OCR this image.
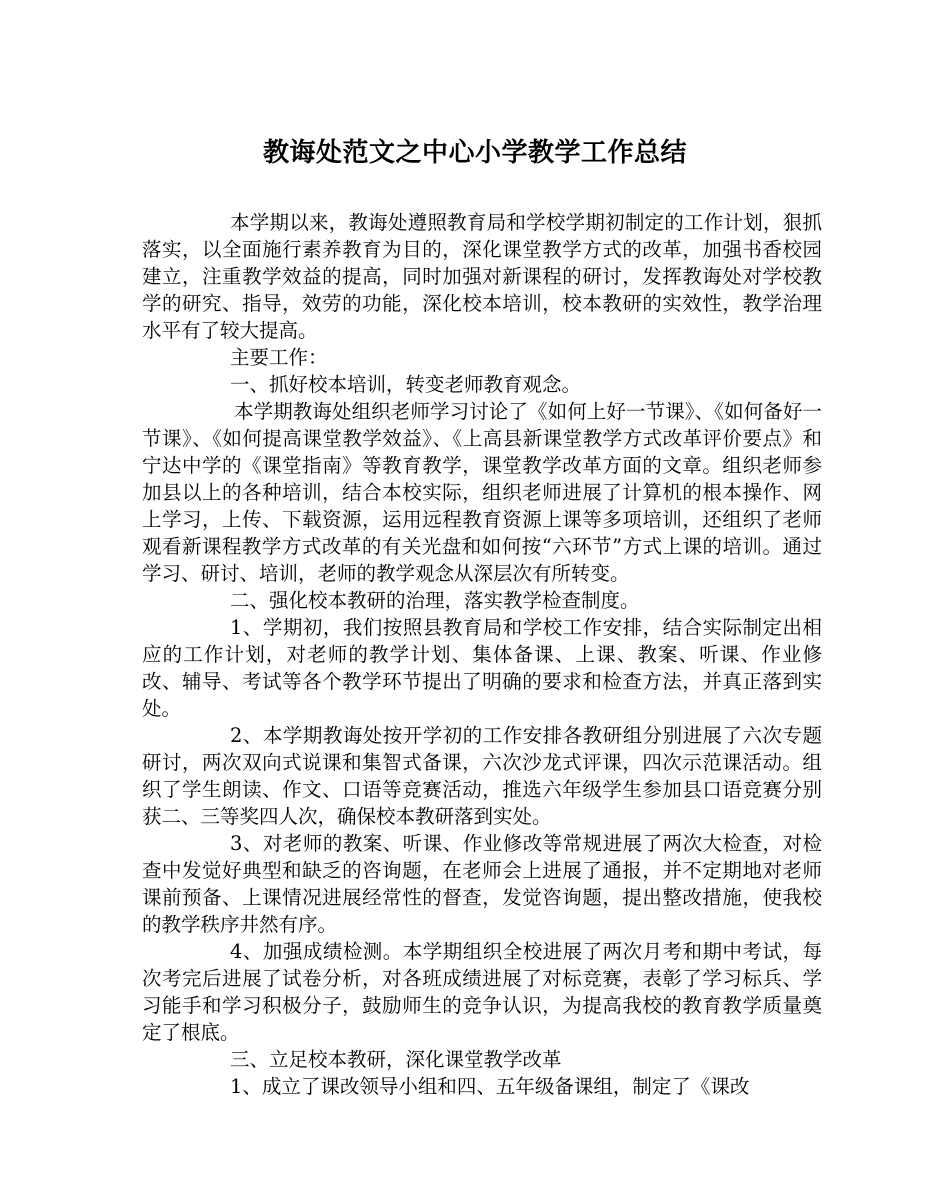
教诲处范文之中心小学教学工作总结

本学期以来，教诲处遵照教育局和学校学期初制定的工作计划，狠抓落实，以全面施行素养教育为目的，深化课堂教学方式的改革，加强书香校园建立，注重教学效益的提高，同时加强对新课程的研讨，发挥教诲处对学校教学的研究、指导，效劳的功能，深化校本培训，校本教研的实效性，教学治理水平有了较大提高。

主要工作：

一、抓好校本培训，转变老师教育观念。

本学期教诲处组织老师学习讨论了《如何上好一节课》、《如何备好一节课》、《如何提高课堂教学效益》、《上高县新课堂教学方式改革评价要点》和宁达中学的《课堂指南》等教育教学，课堂教学改革方面的文章。组织老师参加县以上的各种培训，结合本校实际，组织老师进展了计算机的根本操作、网上学习，上传、下载资源，运用远程教育资源上课等多项培训，还组织了老师观看新课程教学方式改革的有关光盘和如何按“六环节”方式上课的培训。通过学习、研讨、培训，老师的教学观念从深层次有所转变。

二、强化校本教研的治理，落实教学检查制度。

1、学期初，我们按照县教育局和学校工作安排，结合实际制定出相应的工作计划，对老师的教学计划、集体备课、上课、教案、听课、作业修改、辅导、考试等各个教学环节提出了明确的要求和检查方法，并真正落到实处。

2、本学期教诲处按开学初的工作安排各教研组分别进展了六次专题研讨，两次双向式说课和集智式备课，六次沙龙式评课，四次示范课活动。组织了学生朗读、作文、口语等竞赛活动，推选六年级学生参加县口语竞赛分别获二、三等奖四人次，确保校本教研落到实处。

3、对老师的教案、听课、作业修改等常规进展了两次大检查，对检查中发觉好典型和缺乏的咨询题，在老师会上进展了通报，并不定期地对老师课前预备、上课情况进展经常性的督查，发觉咨询题，提出整改措施，使我校的教学秩序井然有序。

4、加强成绩检测。本学期组织全校进展了两次月考和期中考试，每次考完后进展了试卷分析，对各班成绩进展了对标竞赛，表彰了学习标兵、学习能手和学习积极分子，鼓励师生的竞争认识，为提高我校的教育教学质量奠定了根底。

三、立足校本教研，深化课堂教学改革

1、成立了课改领导小组和四、五年级备课组，制定了《课改
